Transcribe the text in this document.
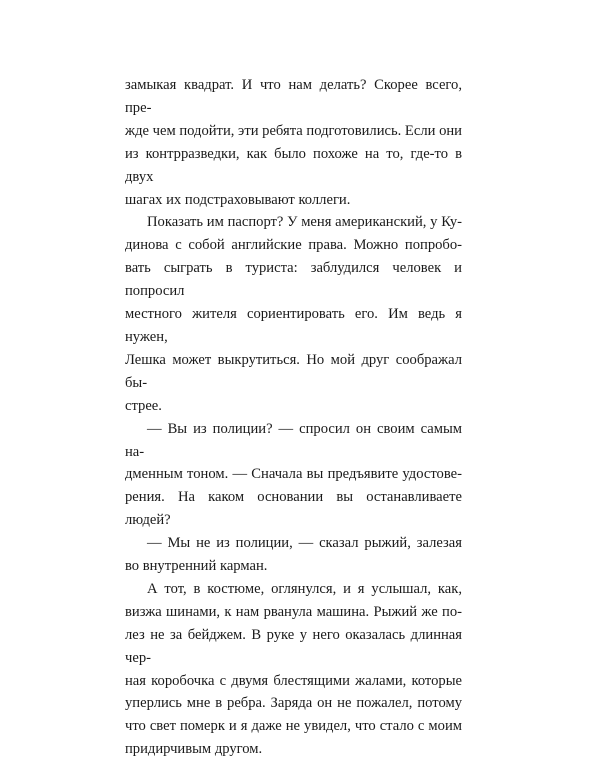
замыкая квадрат. И что нам делать? Скорее всего, пре-
жде чем подойти, эти ребята подготовились. Если они
из контрразведки, как было похоже на то, где-то в двух
шагах их подстраховывают коллеги.
Показать им паспорт? У меня американский, у Ку-
динова с собой английские права. Можно попробо-
вать сыграть в туриста: заблудился человек и попросил
местного жителя сориентировать его. Им ведь я нужен,
Лешка может выкрутиться. Но мой друг соображал бы-
стрее.
— Вы из полиции? — спросил он своим самым на-
дменным тоном. — Сначала вы предъявите удостове-
рения. На каком основании вы останавливаете людей?
— Мы не из полиции, — сказал рыжий, залезая
во внутренний карман.
А тот, в костюме, оглянулся, и я услышал, как,
визжа шинами, к нам рванула машина. Рыжий же по-
лез не за бейджем. В руке у него оказалась длинная чер-
ная коробочка с двумя блестящими жалами, которые
уперлись мне в ребра. Заряда он не пожалел, потому
что свет померк и я даже не увидел, что стало с моим
придирчивым другом.
